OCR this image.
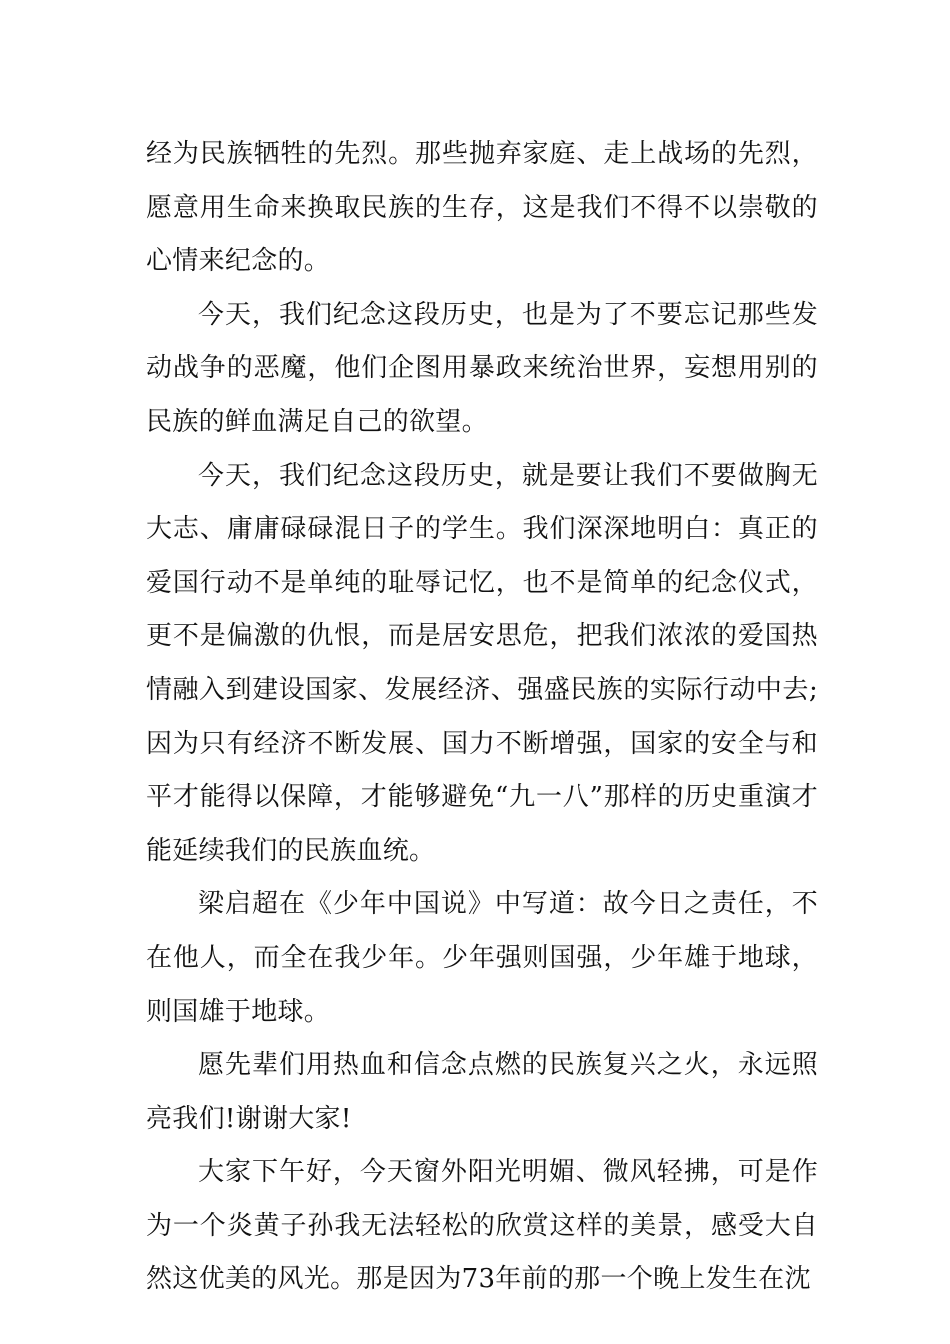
经为民族牺牲的先烈。那些抛弃家庭、走上战场的先烈，愿意用生命来换取民族的生存，这是我们不得不以崇敬的心情来纪念的。

今天，我们纪念这段历史，也是为了不要忘记那些发动战争的恶魔，他们企图用暴政来统治世界，妄想用别的民族的鲜血满足自己的欲望。

今天，我们纪念这段历史，就是要让我们不要做胸无大志、庸庸碌碌混日子的学生。我们深深地明白：真正的爱国行动不是单纯的耻辱记忆，也不是简单的纪念仪式，更不是偏激的仇恨，而是居安思危，把我们浓浓的爱国热情融入到建设国家、发展经济、强盛民族的实际行动中去;因为只有经济不断发展、国力不断增强，国家的安全与和平才能得以保障，才能够避免“九一八”那样的历史重演才能延续我们的民族血统。

梁启超在《少年中国说》中写道：故今日之责任，不在他人，而全在我少年。少年强则国强，少年雄于地球，则国雄于地球。

愿先辈们用热血和信念点燃的民族复兴之火，永远照亮我们!谢谢大家!

大家下午好，今天窗外阳光明媚、微风轻拂，可是作为一个炎黄子孙我无法轻松的欣赏这样的美景，感受大自然这优美的风光。那是因为73年前的那一个晚上发生在沈
